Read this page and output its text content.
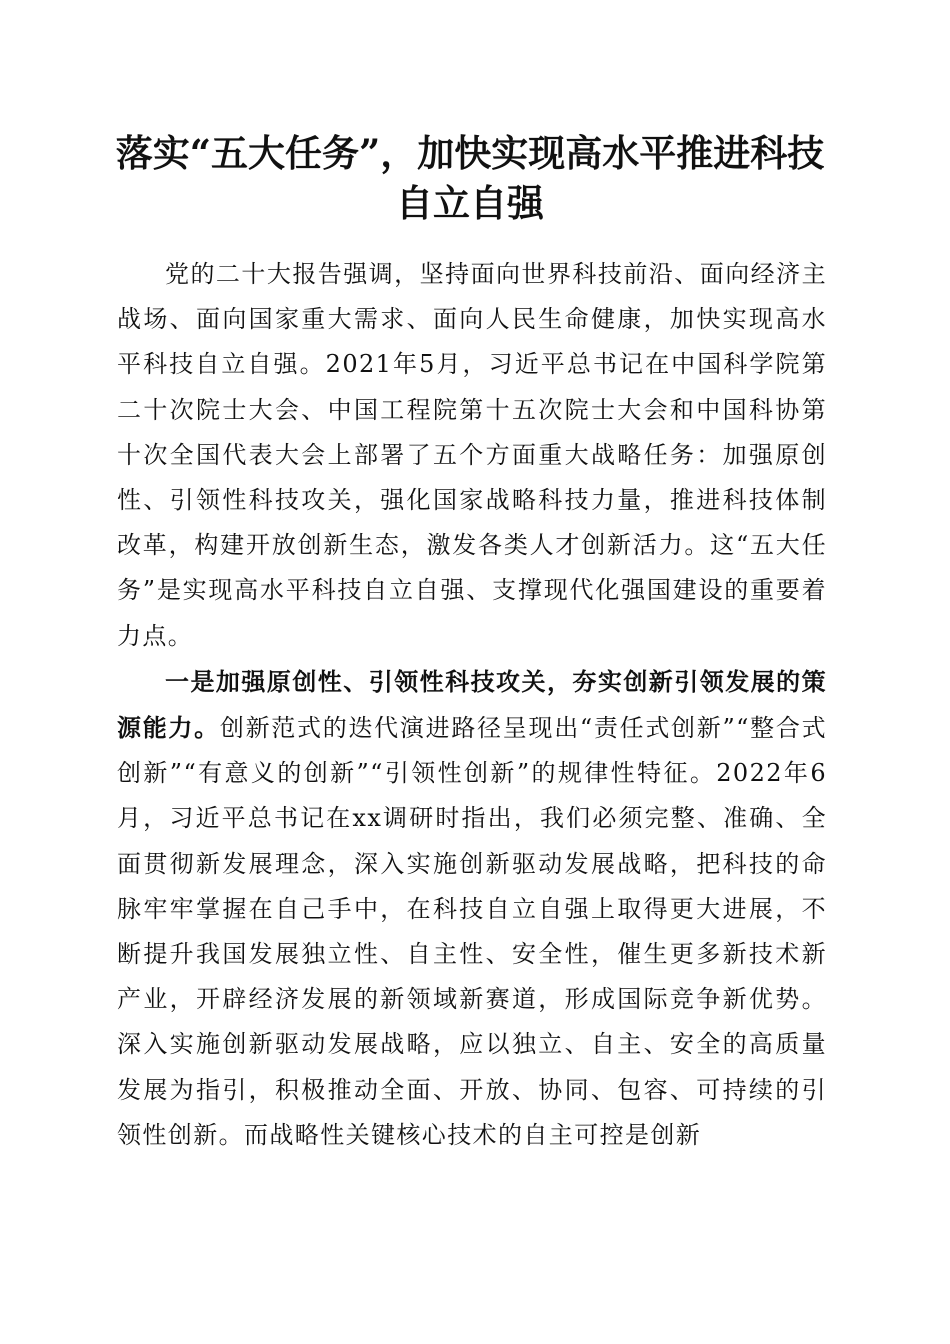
落实“五大任务”，加快实现高水平推进科技
自立自强

党的二十大报告强调，坚持面向世界科技前沿、面向经济主战场、面向国家重大需求、面向人民生命健康，加快实现高水平科技自立自强。2021年5月，习近平总书记在中国科学院第二十次院士大会、中国工程院第十五次院士大会和中国科协第十次全国代表大会上部署了五个方面重大战略任务：加强原创性、引领性科技攻关，强化国家战略科技力量，推进科技体制改革，构建开放创新生态，激发各类人才创新活力。这“五大任务”是实现高水平科技自立自强、支撑现代化强国建设的重要着力点。

一是加强原创性、引领性科技攻关，夯实创新引领发展的策源能力。创新范式的迭代演进路径呈现出“责任式创新”“整合式创新”“有意义的创新”“引领性创新”的规律性特征。2022年6月，习近平总书记在xx调研时指出，我们必须完整、准确、全面贯彻新发展理念，深入实施创新驱动发展战略，把科技的命脉牢牢掌握在自己手中，在科技自立自强上取得更大进展，不断提升我国发展独立性、自主性、安全性，催生更多新技术新产业，开辟经济发展的新领域新赛道，形成国际竞争新优势。深入实施创新驱动发展战略，应以独立、自主、安全的高质量发展为指引，积极推动全面、开放、协同、包容、可持续的引领性创新。而战略性关键核心技术的自主可控是创新
